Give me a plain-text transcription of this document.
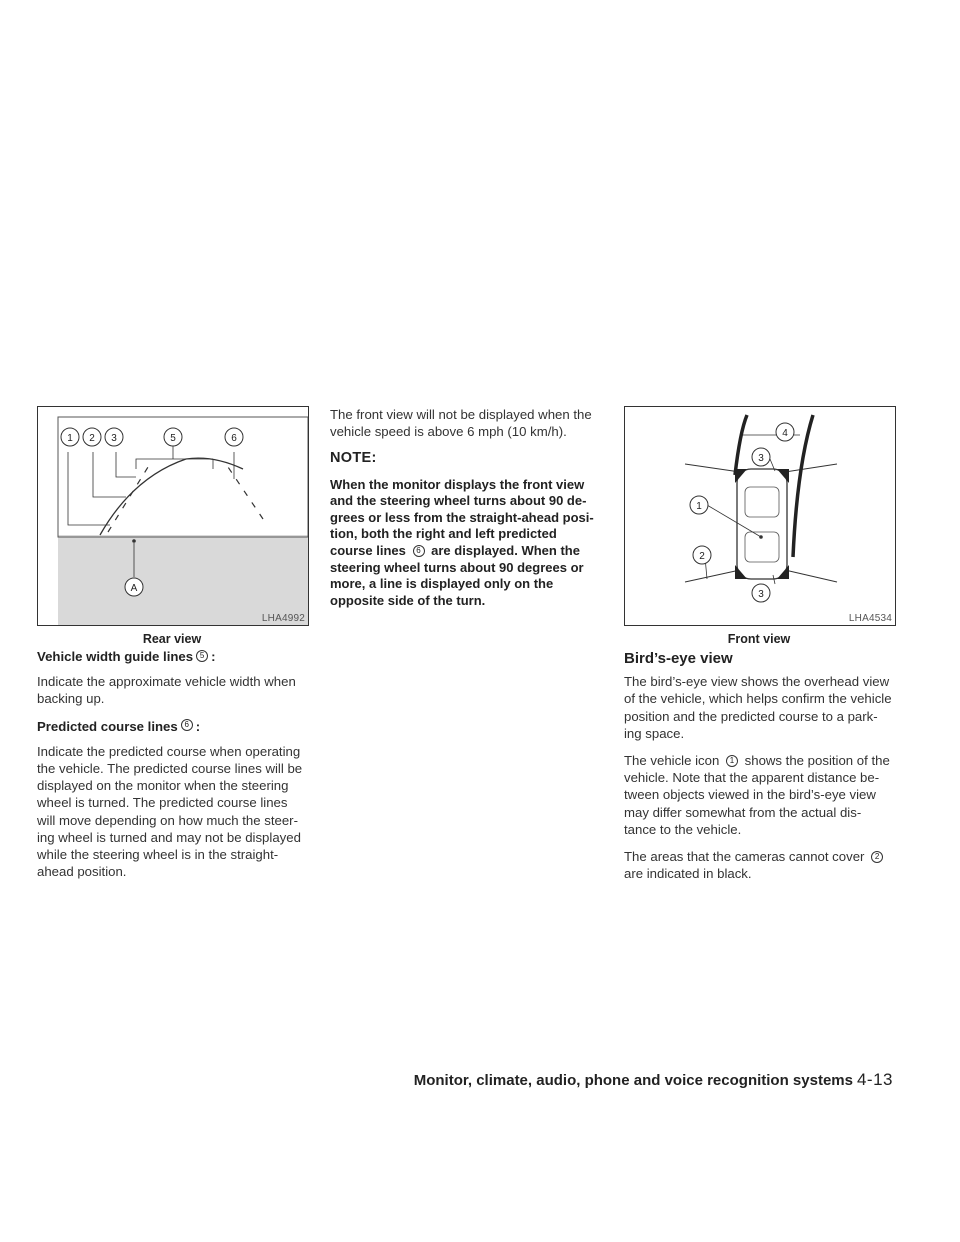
1 2 3	5	6
A
LHA4992
Rear view
4
3
1
2
3
LHA4534
Front view
Vehicle width guide lines 5 :

Indicate the approximate vehicle width when backing up.

Predicted course lines 6 :

Indicate the predicted course when operating the vehicle. The predicted course lines will be displayed on the monitor when the steering wheel is turned. The predicted course lines will move depending on how much the steer- ing wheel is turned and may not be displayed while the steering wheel is in the straight- ahead position.

The front view will not be displayed when the vehicle speed is above 6 mph (10 km/h).

NOTE:

When the monitor displays the front view and the steering wheel turns about 90 de- grees or less from the straight-ahead posi- tion, both the right and left predicted course lines 6 are displayed. When the steering wheel turns about 90 degrees or more, a line is displayed only on the opposite side of the turn.

Bird’s-eye view

The bird’s-eye view shows the overhead view of the vehicle, which helps confirm the vehicle position and the predicted course to a park- ing space.

The vehicle icon 1 shows the position of the vehicle. Note that the apparent distance be- tween objects viewed in the bird’s-eye view may differ somewhat from the actual dis- tance to the vehicle.

The areas that the cameras cannot cover 2 are indicated in black.

Monitor, climate, audio, phone and voice recognition systems 4-13
